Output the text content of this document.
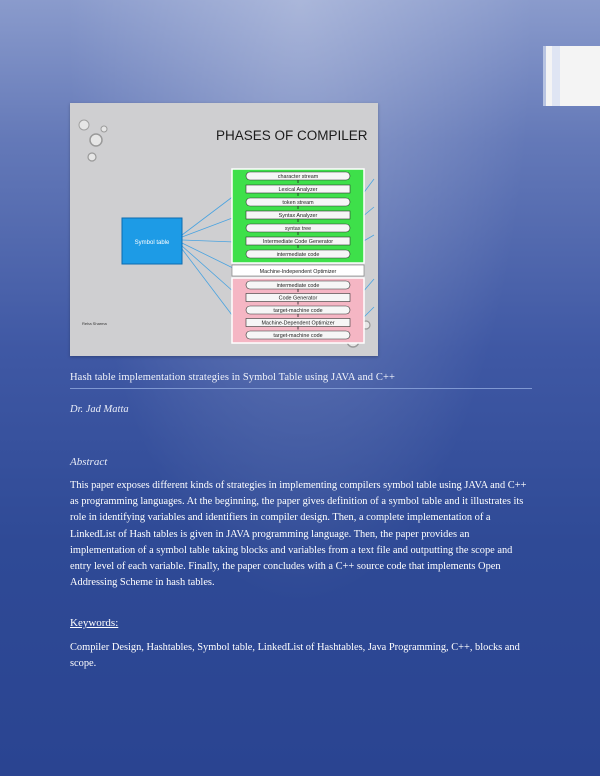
PHASES OF COMPILER
Symbol table
character stream
Lexical Analyzer
token stream
Syntax Analyzer
syntax tree
Intermediate Code Generator
intermediate code
Machine-Independent Optimizer
intermediate code
Code Generator
target-machine code
Machine-Dependent Optimizer
target-machine code
Reha Sharma
Hash table implementation strategies in Symbol Table using JAVA and C++
Dr. Jad Matta
Abstract
This paper exposes different kinds of strategies in implementing compilers symbol table using JAVA and C++ as programming languages. At the beginning, the paper gives definition of a symbol table and it illustrates its role in identifying variables and identifiers in compiler design. Then, a complete implementation of a LinkedList of Hash tables is given in JAVA programming language. Then, the paper provides an implementation of a symbol table taking blocks and variables from a text file and outputting the scope and entry level of each variable. Finally, the paper concludes with a C++ source code that implements Open Addressing Scheme in hash tables.
Keywords:
Compiler Design, Hashtables, Symbol table, LinkedList of Hashtables, Java Programming, C++, blocks and scope.
